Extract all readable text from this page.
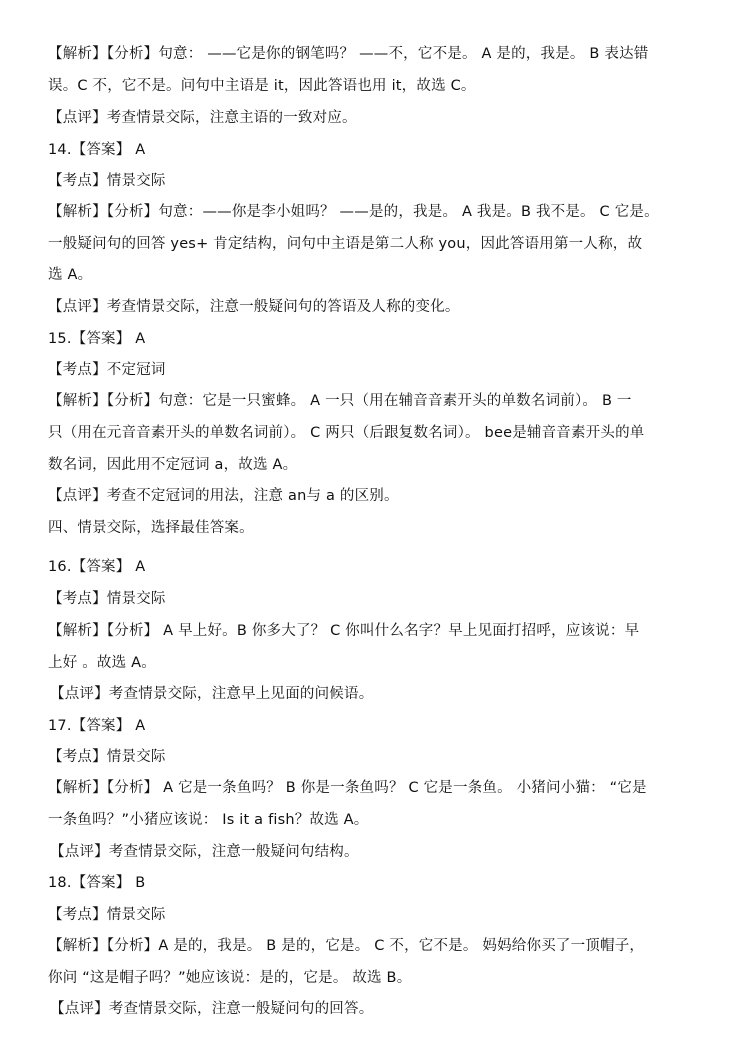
【解析】【分析】句意： ——它是你的钢笔吗？ ——不，它不是。 A 是的，我是。 B 表达错
误。C 不，它不是。问句中主语是 it，因此答语也用 it，故选 C。
【点评】考查情景交际，注意主语的一致对应。
14.【答案】 A
【考点】情景交际
【解析】【分析】句意：——你是李小姐吗？ ——是的，我是。 A 我是。B 我不是。 C 它是。
一般疑问句的回答 yes+ 肯定结构，问句中主语是第二人称 you，因此答语用第一人称，故
选 A。
【点评】考查情景交际，注意一般疑问句的答语及人称的变化。
15.【答案】 A
【考点】不定冠词
【解析】【分析】句意：它是一只蜜蜂。 A 一只（用在辅音音素开头的单数名词前）。 B 一
只（用在元音音素开头的单数名词前）。 C 两只（后跟复数名词）。 bee是辅音音素开头的单
数名词，因此用不定冠词 a，故选 A。
【点评】考查不定冠词的用法，注意 an与 a 的区别。
四、情景交际，选择最佳答案。
16.【答案】 A
【考点】情景交际
【解析】【分析】 A 早上好。B 你多大了？ C 你叫什么名字？早上见面打招呼，应该说：早
上好 。故选 A。
【点评】考查情景交际，注意早上见面的问候语。
17.【答案】 A
【考点】情景交际
【解析】【分析】 A 它是一条鱼吗？ B 你是一条鱼吗？ C 它是一条鱼。 小猪问小猫： “它是
一条鱼吗？”小猪应该说： Is it a fish？故选 A。
【点评】考查情景交际，注意一般疑问句结构。
18.【答案】 B
【考点】情景交际
【解析】【分析】A 是的，我是。 B 是的，它是。 C 不，它不是。 妈妈给你买了一顶帽子，
你问 “这是帽子吗？”她应该说：是的，它是。 故选 B。
【点评】考查情景交际，注意一般疑问句的回答。
